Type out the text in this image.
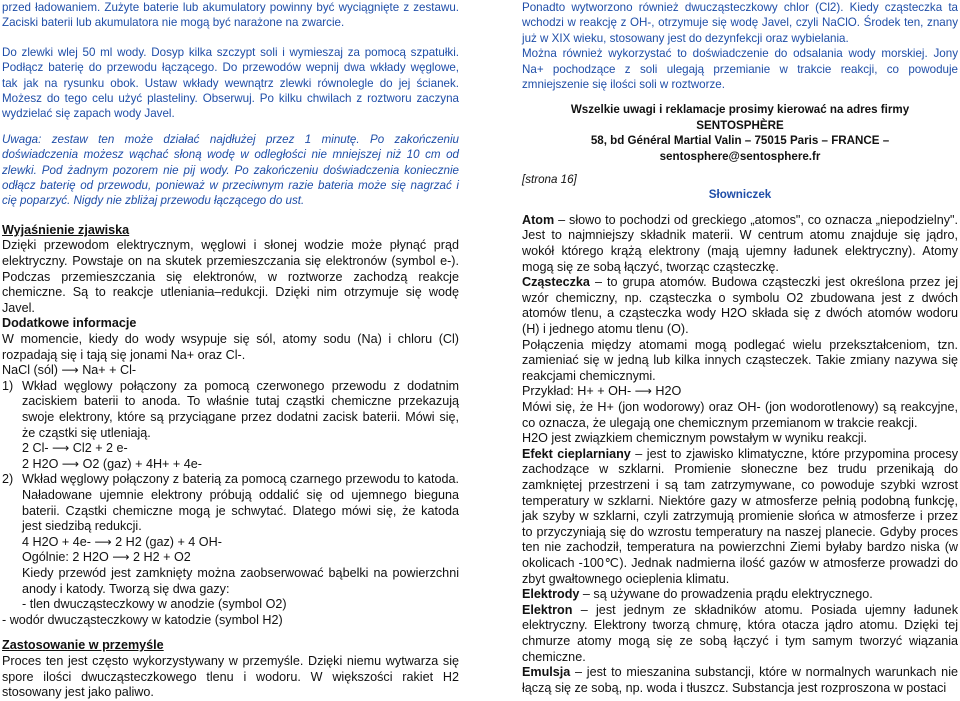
przed ładowaniem. Zużyte baterie lub akumulatory powinny być wyciągnięte z zestawu. Zaciski baterii lub akumulatora nie mogą być narażone na zwarcie.

Do zlewki wlej 50 ml wody. Dosyp kilka szczypt soli i wymieszaj za pomocą szpatułki. Podłącz baterię do przewodu łączącego. Do przewodów wepnij dwa wkłady węglowe, tak jak na rysunku obok. Ustaw wkłady wewnątrz zlewki równolegle do jej ścianek. Możesz do tego celu użyć plasteliny. Obserwuj. Po kilku chwilach z roztworu zaczyna wydzielać się zapach wody Javel.

Uwaga: zestaw ten może działać najdłużej przez 1 minutę. Po zakończeniu doświadczenia możesz wąchać słoną wodę w odległości nie mniejszej niż 10 cm od zlewki. Pod żadnym pozorem nie pij wody. Po zakończeniu doświadczenia koniecznie odłącz baterię od przewodu, ponieważ w przeciwnym razie bateria może się nagrzać i cię poparzyć. Nigdy nie zbliżaj przewodu łączącego do ust.

Wyjaśnienie zjawiska

Dzięki przewodom elektrycznym, węglowi i słonej wodzie może płynąć prąd elektryczny. Powstaje on na skutek przemieszczania się elektronów (symbol e-). Podczas przemieszczania się elektronów, w roztworze zachodzą reakcje chemiczne. Są to reakcje utleniania–redukcji. Dzięki nim otrzymuje się wodę Javel.

Dodatkowe informacje

W momencie, kiedy do wody wsypuje się sól, atomy sodu (Na) i chloru (Cl) rozpadają się i tają się jonami Na+ oraz Cl-.

NaCl (sól) ⟶ Na+ + Cl-

1) Wkład węglowy połączony za pomocą czerwonego przewodu z dodatnim zaciskiem baterii to anoda. To właśnie tutaj cząstki chemiczne przekazują swoje elektrony, które są przyciągane przez dodatni zacisk baterii. Mówi się, że cząstki się utleniają.
2 Cl- ⟶ Cl2 + 2 e-
2 H2O ⟶ O2 (gaz) + 4H+ + 4e-
2) Wkład węglowy połączony z baterią za pomocą czarnego przewodu to katoda. Naładowane ujemnie elektrony próbują oddalić się od ujemnego bieguna baterii. Cząstki chemiczne mogą je schwytać. Dlatego mówi się, że katoda jest siedzibą redukcji.
4 H2O + 4e- ⟶ 2 H2 (gaz) + 4 OH-
Ogólnie: 2 H2O ⟶ 2 H2 + O2
Kiedy przewód jest zamknięty można zaobserwować bąbelki na powierzchni anody i katody. Tworzą się dwa gazy:
- tlen dwucząsteczkowy w anodzie (symbol O2)

- wodór dwucząsteczkowy w katodzie (symbol H2)

Zastosowanie w przemyśle

Proces ten jest często wykorzystywany w przemyśle. Dzięki niemu wytwarza się spore ilości dwucząsteczkowego tlenu i wodoru. W większości rakiet H2 stosowany jest jako paliwo.

Ponadto wytworzono również dwucząsteczkowy chlor (Cl2). Kiedy cząsteczka ta wchodzi w reakcję z OH-, otrzymuje się wodę Javel, czyli NaClO. Środek ten, znany już w XIX wieku, stosowany jest do dezynfekcji oraz wybielania.

Można również wykorzystać to doświadczenie do odsalania wody morskiej. Jony Na+ pochodzące z soli ulegają przemianie w trakcie reakcji, co powoduje zmniejszenie się ilości soli w roztworze.

Wszelkie uwagi i reklamacje prosimy kierować na adres firmy

SENTOSPHÈRE

58, bd Général Martial Valin – 75015 Paris – FRANCE –

sentosphere@sentosphere.fr

[strona 16]

Słowniczek

Atom – słowo to pochodzi od greckiego „atomos", co oznacza „niepodzielny". Jest to najmniejszy składnik materii. W centrum atomu znajduje się jądro, wokół którego krążą elektrony (mają ujemny ładunek elektryczny). Atomy mogą się ze sobą łączyć, tworząc cząsteczkę.

Cząsteczka – to grupa atomów. Budowa cząsteczki jest określona przez jej wzór chemiczny, np. cząsteczka o symbolu O2 zbudowana jest z dwóch atomów tlenu, a cząsteczka wody H2O składa się z dwóch atomów wodoru (H) i jednego atomu tlenu (O).

Połączenia między atomami mogą podlegać wielu przekształceniom, tzn. zamieniać się w jedną lub kilka innych cząsteczek. Takie zmiany nazywa się reakcjami chemicznymi.

Przykład: H+ + OH- ⟶ H2O

Mówi się, że H+ (jon wodorowy) oraz OH- (jon wodorotlenowy) są reakcyjne, co oznacza, że ulegają one chemicznym przemianom w trakcie reakcji.

H2O jest związkiem chemicznym powstałym w wyniku reakcji.

Efekt cieplarniany – jest to zjawisko klimatyczne, które przypomina procesy zachodzące w szklarni. Promienie słoneczne bez trudu przenikają do zamkniętej przestrzeni i są tam zatrzymywane, co powoduje szybki wzrost temperatury w szklarni. Niektóre gazy w atmosferze pełnią podobną funkcję, jak szyby w szklarni, czyli zatrzymują promienie słońca w atmosferze i przez to przyczyniają się do wzrostu temperatury na naszej planecie. Gdyby proces ten nie zachodził, temperatura na powierzchni Ziemi byłaby bardzo niska (w okolicach -100℃). Jednak nadmierna ilość gazów w atmosferze prowadzi do zbyt gwałtownego ocieplenia klimatu.

Elektrody – są używane do prowadzenia prądu elektrycznego.

Elektron – jest jednym ze składników atomu. Posiada ujemny ładunek elektryczny. Elektrony tworzą chmurę, która otacza jądro atomu. Dzięki tej chmurze atomy mogą się ze sobą łączyć i tym samym tworzyć wiązania chemiczne.

Emulsja – jest to mieszanina substancji, które w normalnych warunkach nie łączą się ze sobą, np. woda i tłuszcz. Substancja jest rozproszona w postaci
